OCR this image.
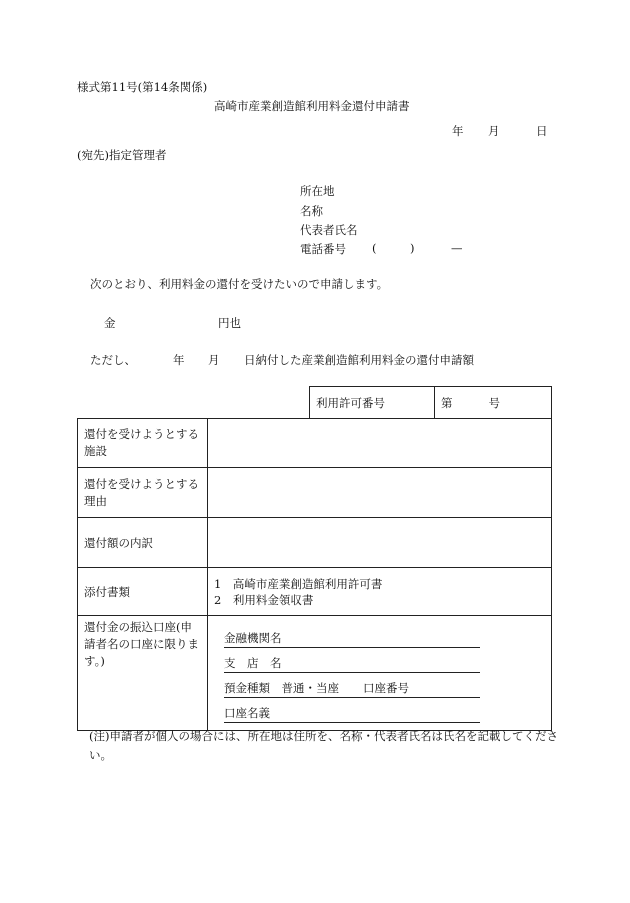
様式第11号(第14条関係)
高崎市産業創造館利用料金還付申請書
年 月	日
(宛先)指定管理者
所在地
名称
代表者氏名
電話番号 (	)	—
次のとおり、利用料金の還付を受けたいので申請します。
金	円也
ただし、	年 月 日納付した産業創造館利用料金の還付申請額
		利用許可番号	第 号
還付を受けようとする施設			
還付を受けようとする理由			
還付額の内訳			
添付書類	1　高崎市産業創造館利用許可書
2　利用料金領収書		

還付金の振込口座(申請者名の口座に限ります。)	金融機関名
支　店　名
預金種類　普通・当座 口座番号
口座名義		
(注)申請者が個人の場合には、所在地は住所を、名称・代表者氏名は氏名を記載してください。
